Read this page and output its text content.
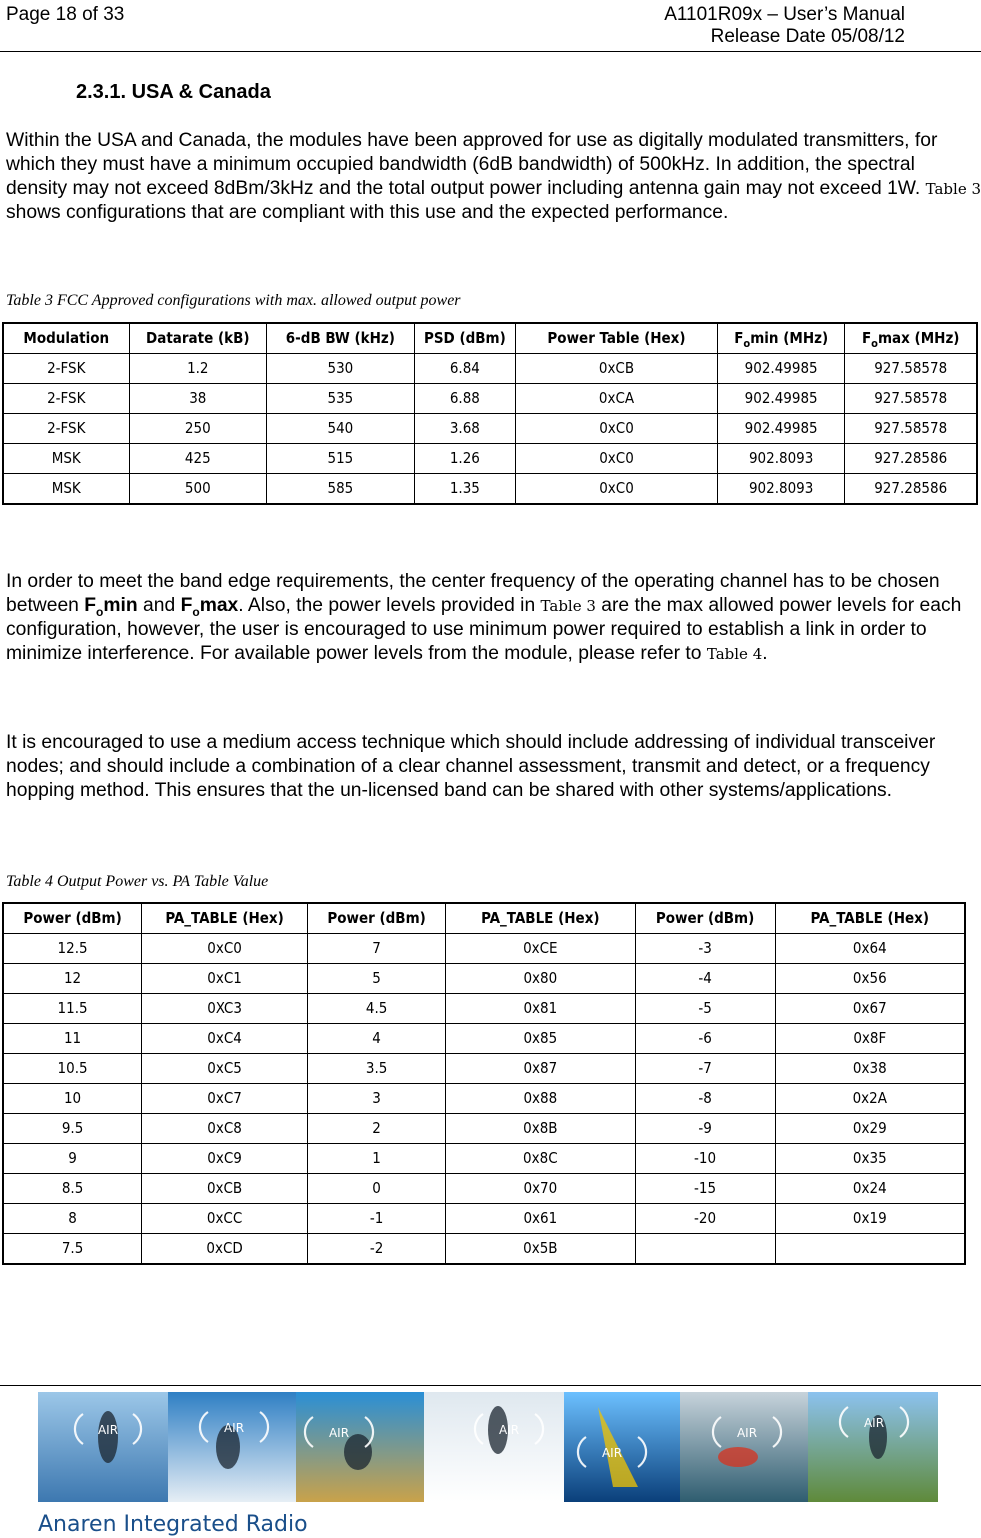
Page 18 of 33	A1101R09x – User’s Manual
Release Date 05/08/12
2.3.1. USA & Canada
Within the USA and Canada, the modules have been approved for use as digitally modulated transmitters, for which they must have a minimum occupied bandwidth (6dB bandwidth) of 500kHz. In addition, the spectral density may not exceed 8dBm/3kHz and the total output power including antenna gain may not exceed 1W. Table 3 shows configurations that are compliant with this use and the expected performance.
Table 3 FCC Approved configurations with max. allowed output power
Modulation	Datarate (kB)	6-dB BW (kHz)	PSD (dBm)	Power Table (Hex)	$F_o\min$ (MHz)	$F_o\max$ (MHz)
2-FSK	1.2	530	6.84	0xCB	902.49985	927.58578
2-FSK	38	535	6.88	0xCA	902.49985	927.58578
2-FSK	250	540	3.68	0xC0	902.49985	927.58578
MSK	425	515	1.26	0xC0	902.8093	927.28586
MSK	500	585	1.35	0xC0	902.8093	927.28586
In order to meet the band edge requirements, the center frequency of the operating channel has to be chosen between $F_o\min$ and $F_o\max$. Also, the power levels provided in Table 3 are the max allowed power levels for each configuration, however, the user is encouraged to use minimum power required to establish a link in order to minimize interference. For available power levels from the module, please refer to Table 4.
It is encouraged to use a medium access technique which should include addressing of individual transceiver nodes; and should include a combination of a clear channel assessment, transmit and detect, or a frequency hopping method. This ensures that the un-licensed band can be shared with other systems/applications.
Table 4 Output Power vs. PA Table Value
Power (dBm)	PA_TABLE (Hex)	Power (dBm)	PA_TABLE (Hex)	Power (dBm)	PA_TABLE (Hex)
12.5	0xC0	7	0xCE	-3	0x64
12	0xC1	5	0x80	-4	0x56
11.5	0XC3	4.5	0x81	-5	0x67
11	0xC4	4	0x85	-6	0x8F
10.5	0xC5	3.5	0x87	-7	0x38
10	0xC7	3	0x88	-8	0x2A
9.5	0xC8	2	0x8B	-9	0x29
9	0xC9	1	0x8C	-10	0x35
8.5	0xCB	0	0x70	-15	0x24
8	0xCC	-1	0x61	-20	0x19
7.5	0xCD	-2	0x5B		
AIR	AIR	AIR	AIR
AIR
AIR
AIR
Anaren Integrated Radio
